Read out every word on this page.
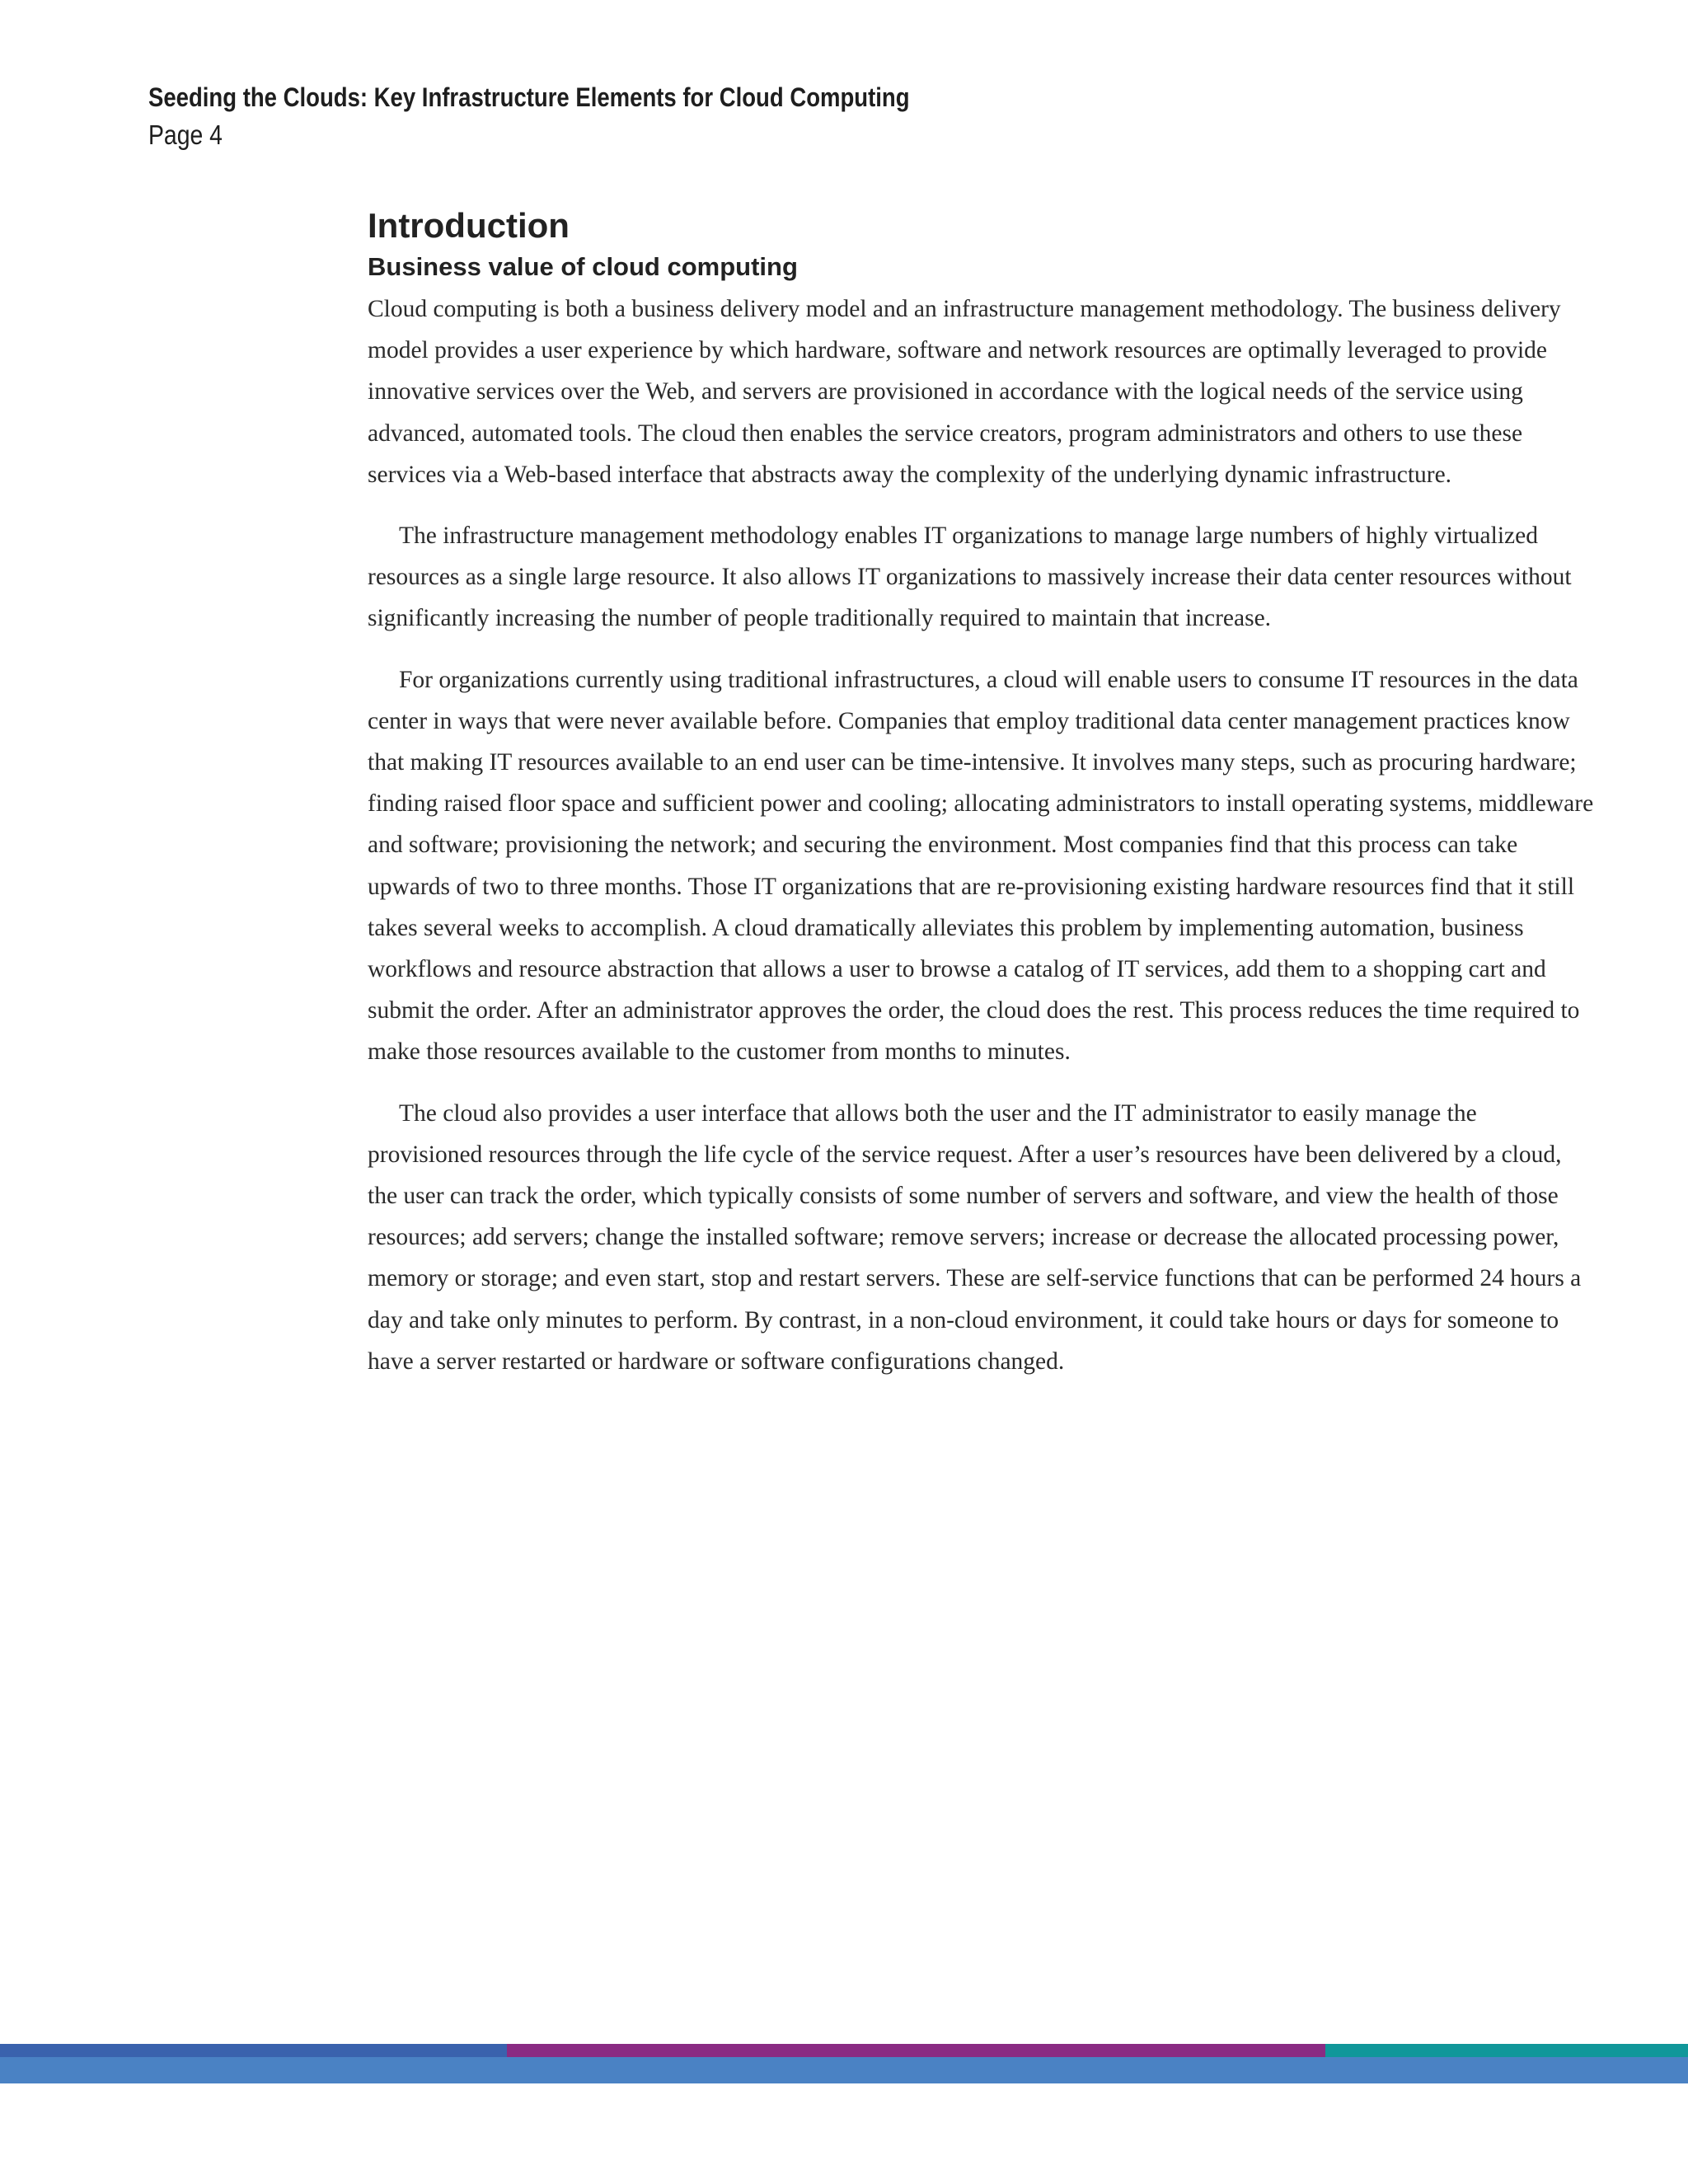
Seeding the Clouds: Key Infrastructure Elements for Cloud Computing
Page 4
Introduction
Business value of cloud computing

Cloud computing is both a business delivery model and an infrastructure management methodology. The business delivery model provides a user experience by which hardware, software and network resources are optimally leveraged to provide innovative services over the Web, and servers are provisioned in accordance with the logical needs of the service using advanced, automated tools. The cloud then enables the service creators, program administrators and others to use these services via a Web-based interface that abstracts away the complexity of the underlying dynamic infrastructure.

The infrastructure management methodology enables IT organizations to manage large numbers of highly virtualized resources as a single large resource. It also allows IT organizations to massively increase their data center resources without significantly increasing the number of people traditionally required to maintain that increase.

For organizations currently using traditional infrastructures, a cloud will enable users to consume IT resources in the data center in ways that were never available before. Companies that employ traditional data center management practices know that making IT resources available to an end user can be time-intensive. It involves many steps, such as procuring hardware; finding raised floor space and sufficient power and cooling; allocating administrators to install operating systems, middleware and software; provisioning the network; and securing the environment. Most companies find that this process can take upwards of two to three months. Those IT organizations that are re-provisioning existing hardware resources find that it still takes several weeks to accomplish. A cloud dramatically alleviates this problem by implementing automation, business workflows and resource abstraction that allows a user to browse a catalog of IT services, add them to a shopping cart and submit the order. After an administrator approves the order, the cloud does the rest. This process reduces the time required to make those resources available to the customer from months to minutes.

The cloud also provides a user interface that allows both the user and the IT administrator to easily manage the provisioned resources through the life cycle of the service request. After a user’s resources have been delivered by a cloud, the user can track the order, which typically consists of some number of servers and software, and view the health of those resources; add servers; change the installed software; remove servers; increase or decrease the allocated processing power, memory or storage; and even start, stop and restart servers. These are self-service functions that can be performed 24 hours a day and take only minutes to perform. By contrast, in a non-cloud environment, it could take hours or days for someone to have a server restarted or hardware or software configurations changed.
